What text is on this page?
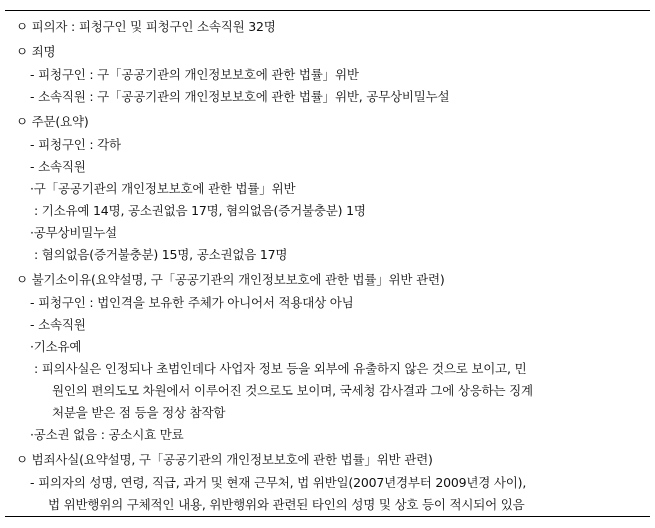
ㅇ 피의자 : 피청구인 및 피청구인 소속직원 32명
ㅇ 죄명
- 피청구인 : 구「공공기관의 개인정보보호에 관한 법률」위반
- 소속직원 : 구「공공기관의 개인정보보호에 관한 법률」위반, 공무상비밀누설
ㅇ 주문(요약)
- 피청구인 : 각하
- 소속직원
·구「공공기관의 개인정보보호에 관한 법률」위반
: 기소유예 14명, 공소권없음 17명, 혐의없음(증거불충분) 1명
·공무상비밀누설
: 혐의없음(증거불충분) 15명, 공소권없음 17명
ㅇ 불기소이유(요약설명, 구「공공기관의 개인정보보호에 관한 법률」위반 관련)
- 피청구인 : 법인격을 보유한 주체가 아니어서 적용대상 아님
- 소속직원
·기소유예
: 피의사실은 인정되나 초범인데다 사업자 정보 등을 외부에 유출하지 않은 것으로 보이고, 민
원인의 편의도모 차원에서 이루어진 것으로도 보이며, 국세청 감사결과 그에 상응하는 징계
처분을 받은 점 등을 정상 참작함
·공소권 없음 : 공소시효 만료
ㅇ 범죄사실(요약설명, 구「공공기관의 개인정보보호에 관한 법률」위반 관련)
- 피의자의 성명, 연령, 직급, 과거 및 현재 근무처, 법 위반일(2007년경부터 2009년경 사이),
법 위반행위의 구체적인 내용, 위반행위와 관련된 타인의 성명 및 상호 등이 적시되어 있음
